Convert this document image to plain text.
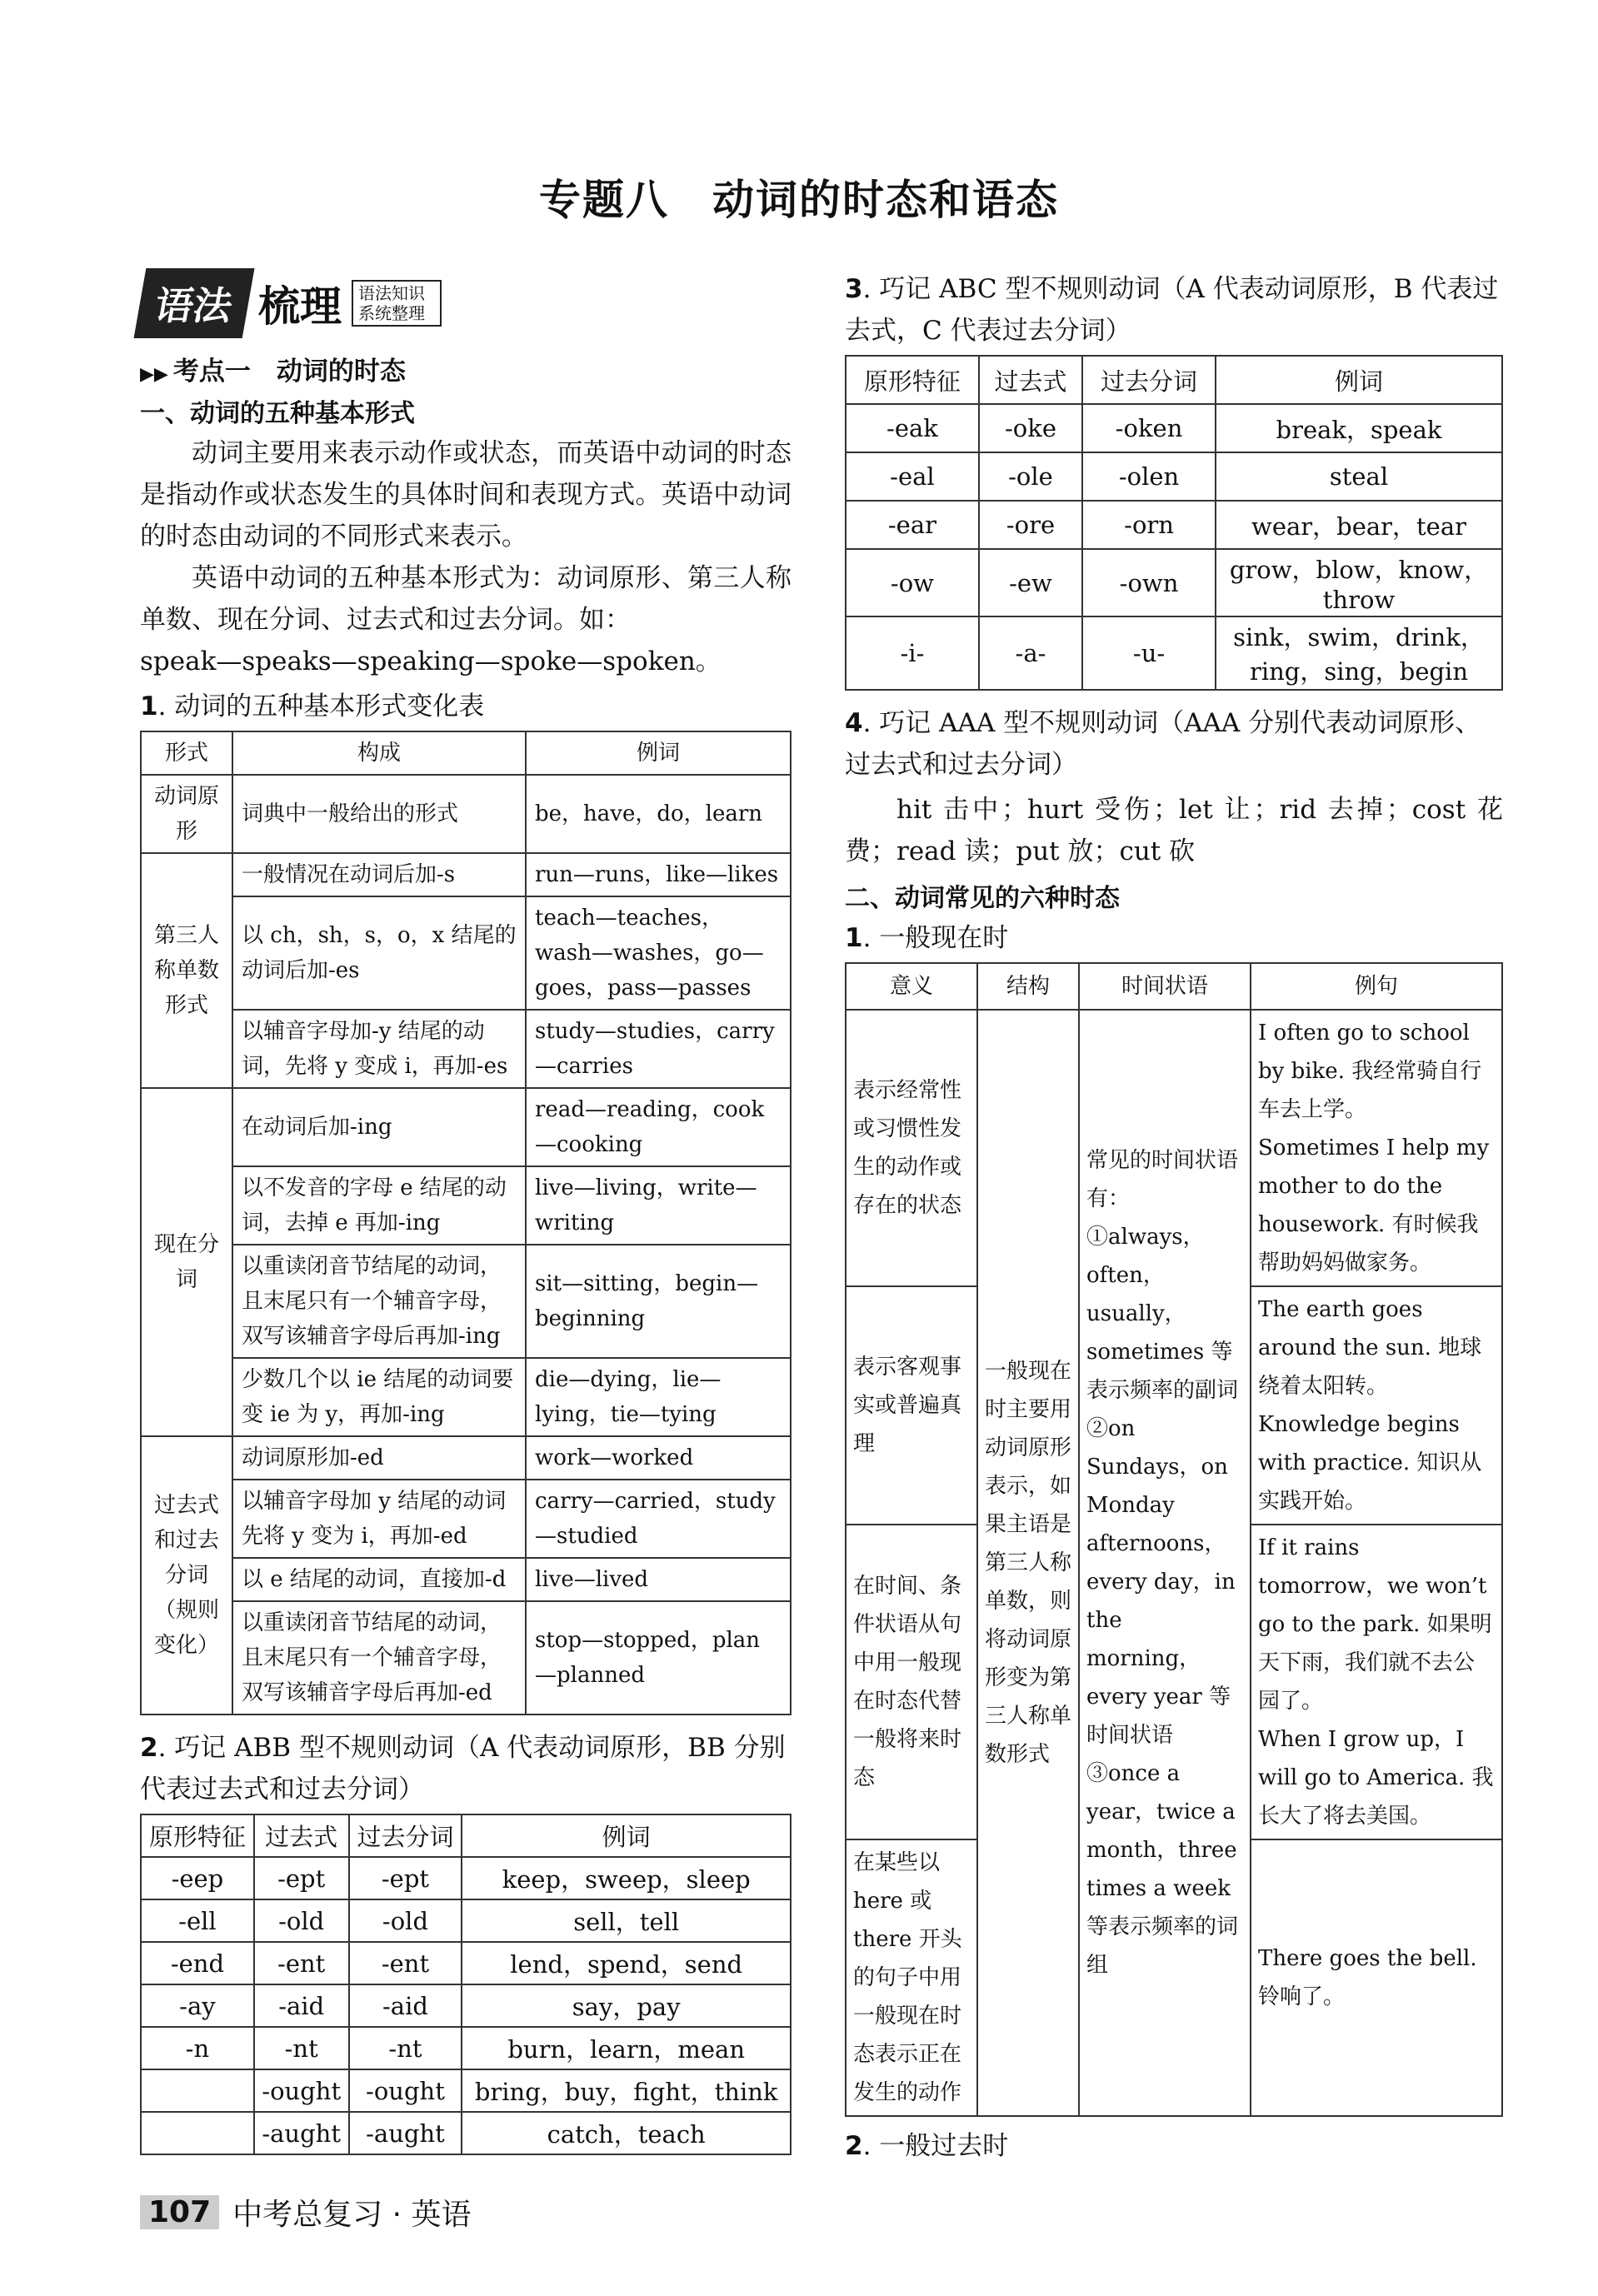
专题八　动词的时态和语态
语法 梳理	语法知识系统整理
▶▶ 考点一　动词的时态
一、动词的五种基本形式

动词主要用来表示动作或状态，而英语中动词的时态是指动作或状态发生的具体时间和表现方式。英语中动词的时态由动词的不同形式来表示。

英语中动词的五种基本形式为：动词原形、第三人称单数、现在分词、过去式和过去分词。如：

speak—speaks—speaking—spoke—spoken。

1. 动词的五种基本形式变化表
形式	构成	例词
动词原形	词典中一般给出的形式	be，have，do，learn
第三人称单数形式	一般情况在动词后加-s	run—runs，like—likes
	以 ch，sh，s，o，x 结尾的动词后加-es	teach—teaches， wash—washes，go—goes，pass—passes
	以辅音字母加-y 结尾的动词，先将 y 变成 i，再加-es	study—studies，carry—carries
现在分词	在动词后加-ing	read—reading，cook—cooking
	以不发音的字母 e 结尾的动词，去掉 e 再加-ing	live—living，write—writing
	以重读闭音节结尾的动词，且末尾只有一个辅音字母，双写该辅音字母后再加-ing	sit—sitting，begin—beginning
	少数几个以 ie 结尾的动词要变 ie 为 y，再加-ing	die—dying，lie—lying，tie—tying
过去式和过去分词（规则变化）	动词原形加-ed	work—worked
	以辅音字母加 y 结尾的动词先将 y 变为 i，再加-ed	carry—carried，study—studied
	以 e 结尾的动词，直接加-d	live—lived
	以重读闭音节结尾的动词，且末尾只有一个辅音字母，双写该辅音字母后再加-ed	stop—stopped，plan—planned
2. 巧记 ABB 型不规则动词（A 代表动词原形，BB 分别代表过去式和过去分词）
原形特征	过去式	过去分词	例词
-eep	-ept	-ept	keep，sweep，sleep
-ell	-old	-old	sell，tell
-end	-ent	-ent	lend，spend，send
-ay	-aid	-aid	say，pay
-n	-nt	-nt	burn，learn，mean
	-ought	-ought	bring，buy，fight，think
	-aught	-aught	catch，teach
3. 巧记 ABC 型不规则动词（A 代表动词原形，B 代表过去式，C 代表过去分词）
原形特征	过去式	过去分词	例词
-eak	-oke	-oken	break，speak
-eal	-ole	-olen	steal
-ear	-ore	-orn	wear，bear，tear
-ow	-ew	-own	grow，blow，know，throw
-i-	-a-	-u-	sink，swim，drink，ring，sing，begin
4. 巧记 AAA 型不规则动词（AAA 分别代表动词原形、过去式和过去分词）

hit 击中；hurt 受伤；let 让；rid 去掉；cost 花费；read 读；put 放；cut 砍

二、动词常见的六种时态
1. 一般现在时
意义	结构	时间状语	例句
表示经常性或习惯性发生的动作或存在的状态	一般现在时主要用动词原形表示，如果主语是第三人称单数，则将动词原形变为第三人称单数形式	常见的时间状语有：①always，often，usually，sometimes 等表示频率的副词 ②on Sundays，on Monday afternoons，every day，in the morning，every year 等时间状语 ③once a year，twice a month，three times a week 等表示频率的词组	I often go to school by bike. 我经常骑自行车去上学。

Sometimes I help my mother to do the housework. 有时候我帮助妈妈做家务。

表示客观事实或普遍真理			The earth goes around the sun. 地球绕着太阳转。

Knowledge begins with practice. 知识从实践开始。

在时间、条件状语从句中用一般现在时态代替一般将来时态			If it rains tomorrow，we won’t go to the park. 如果明天下雨，我们就不去公园了。

When I grow up，I will go to America. 我长大了将去美国。

在某些以 here 或 there 开头的句子中用一般现在时态表示正在发生的动作			There goes the bell. 铃响了。

2. 一般过去时
107 中考总复习 · 英语
